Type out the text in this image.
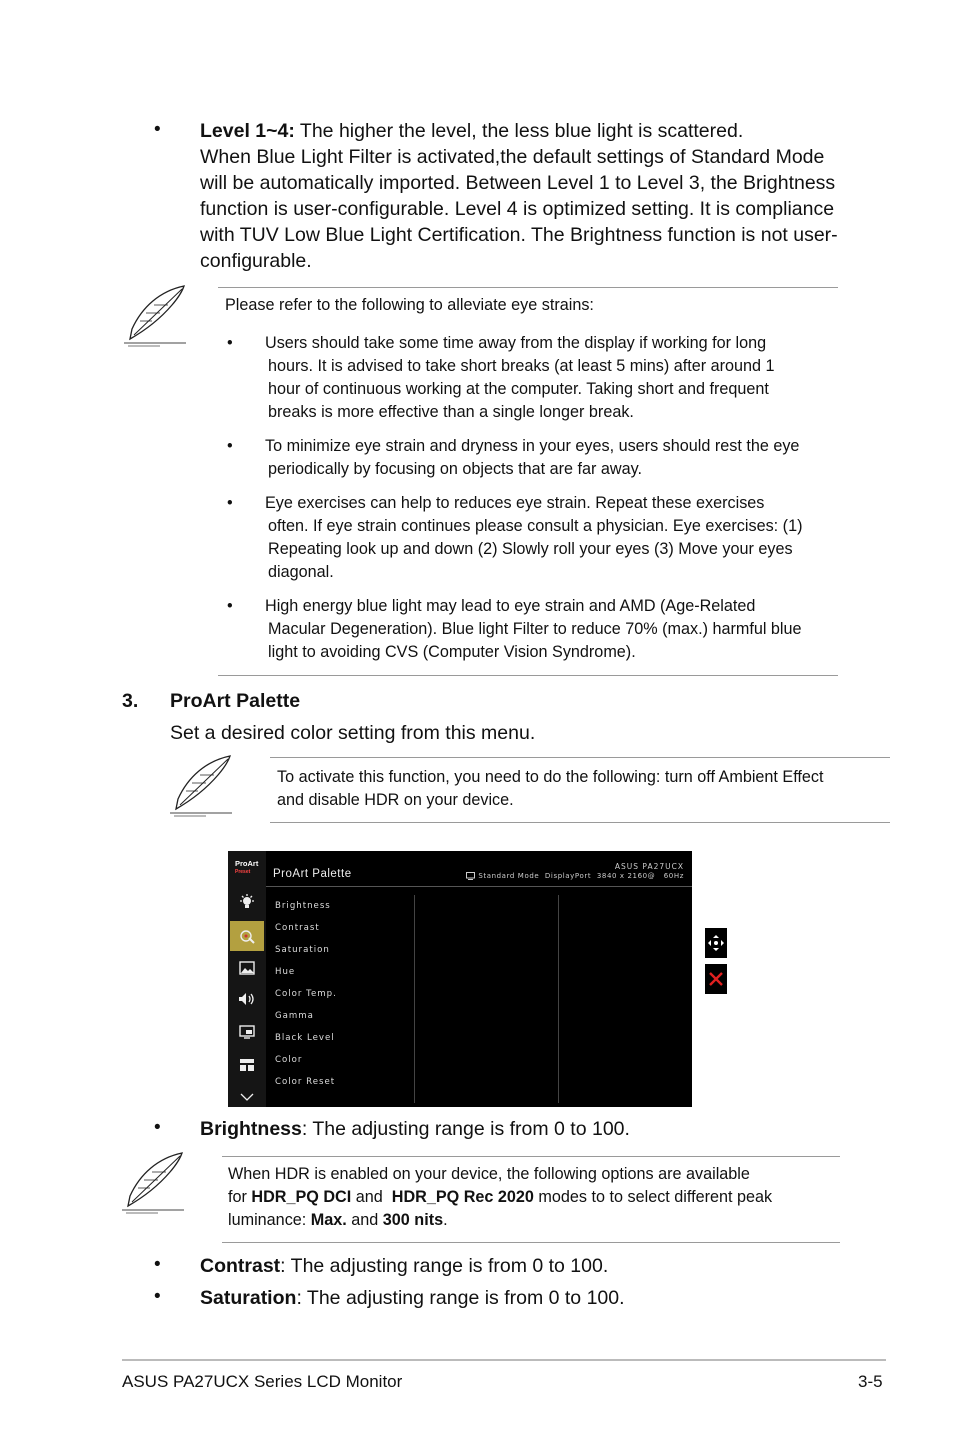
• Level 1~4: The higher the level, the less blue light is scattered.
When Blue Light Filter is activated,the default settings of Standard Mode
will be automatically imported. Between Level 1 to Level 3, the Brightness
function is user-configurable. Level 4 is optimized setting. It is compliance
with TUV Low Blue Light Certification. The Brightness function is not user-
configurable.
Please refer to the following to alleviate eye strains:
• Users should take some time away from the display if working for long
hours. It is advised to take short breaks (at least 5 mins) after around 1
hour of continuous working at the computer. Taking short and frequent
breaks is more effective than a single longer break.
• To minimize eye strain and dryness in your eyes, users should rest the eye
periodically by focusing on objects that are far away.
• Eye exercises can help to reduces eye strain. Repeat these exercises
often. If eye strain continues please consult a physician. Eye exercises: (1)
Repeating look up and down (2) Slowly roll your eyes (3) Move your eyes
diagonal.
• High energy blue light may lead to eye strain and AMD (Age-Related
Macular Degeneration). Blue light Filter to reduce 70% (max.) harmful blue
light to avoiding CVS (Computer Vision Syndrome).
3. ProArt Palette
Set a desired color setting from this menu.
To activate this function, you need to do the following: turn off Ambient Effect
and disable HDR on your device.
ProArt
Preset	ProArt Palette
ASUS PA27UCX
Standard Mode  DisplayPort  3840 x 2160@   60Hz
Brightness
Contrast
Saturation
Hue
Color Temp.
Gamma
Black Level
Color
Color Reset
• Brightness: The adjusting range is from 0 to 100.
When HDR is enabled on your device, the following options are available
for HDR_PQ DCI and  HDR_PQ Rec 2020 modes to to select different peak
luminance: Max. and 300 nits.
• Contrast: The adjusting range is from 0 to 100.
• Saturation: The adjusting range is from 0 to 100.
ASUS PA27UCX Series LCD Monitor	3-5
